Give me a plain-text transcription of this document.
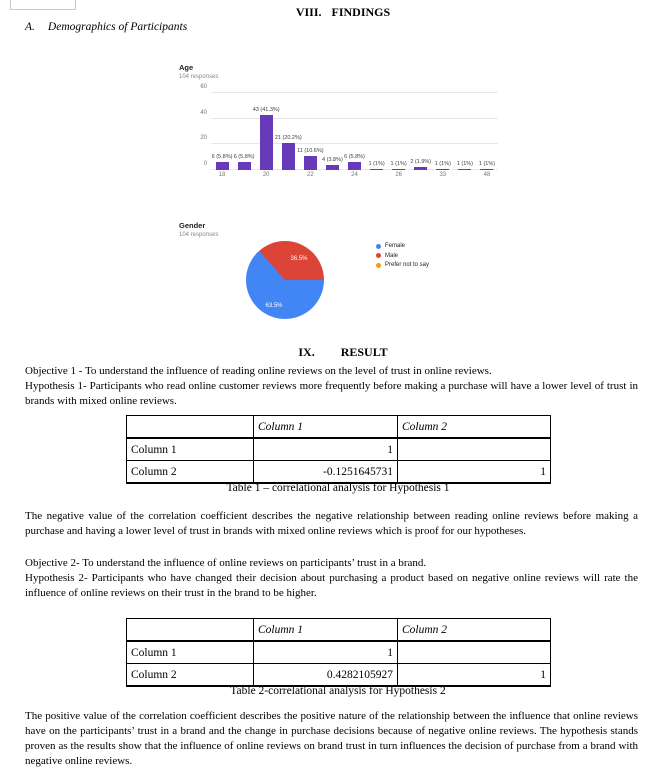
VIII. FINDINGS
A. Demographics of Participants
Age
104 responses
0
20
40
60
6 (5.8%)
18
6 (5.8%)
43 (41.3%)
20
21 (20.2%)
11 (10.6%)
22
4 (3.8%) 6 (5.8%)
24
1 (1%) 1 (1%)
26
2 (1.9%) 1 (1%)
33
1 (1%) 1 (1%)
48
Gender
104 responses
36.5%
63.5%
Female
Male
Prefer not to say
IX. RESULT
Objective 1 - To understand the influence of reading online reviews on the level of trust in online reviews.
Hypothesis 1- Participants who read online customer reviews more frequently before making a purchase will have a lower level of trust in brands with mixed online reviews.
	Column 1	Column 2
Column 1	1	
Column 2	-0.1251645731	1
Table 1 – correlational analysis for Hypothesis 1
The negative value of the correlation coefficient describes the negative relationship between reading online reviews before making a purchase and having a lower level of trust in brands with mixed online reviews which is proof for our hypotheses.
Objective 2- To understand the influence of online reviews on participants’ trust in a brand.
Hypothesis 2- Participants who have changed their decision about purchasing a product based on negative online reviews will rate the influence of online reviews on their trust in the brand to be higher.
	Column 1	Column 2
Column 1	1	
Column 2	0.4282105927	1
Table 2-correlational analysis for Hypothesis 2
The positive value of the correlation coefficient describes the positive nature of the relationship between the influence that online reviews have on the participants’ trust in a brand and the change in purchase decisions because of negative online reviews. The hypothesis stands proven as the results show that the influence of online reviews on brand trust in turn influences the decision of purchase from a brand with negative online reviews.
